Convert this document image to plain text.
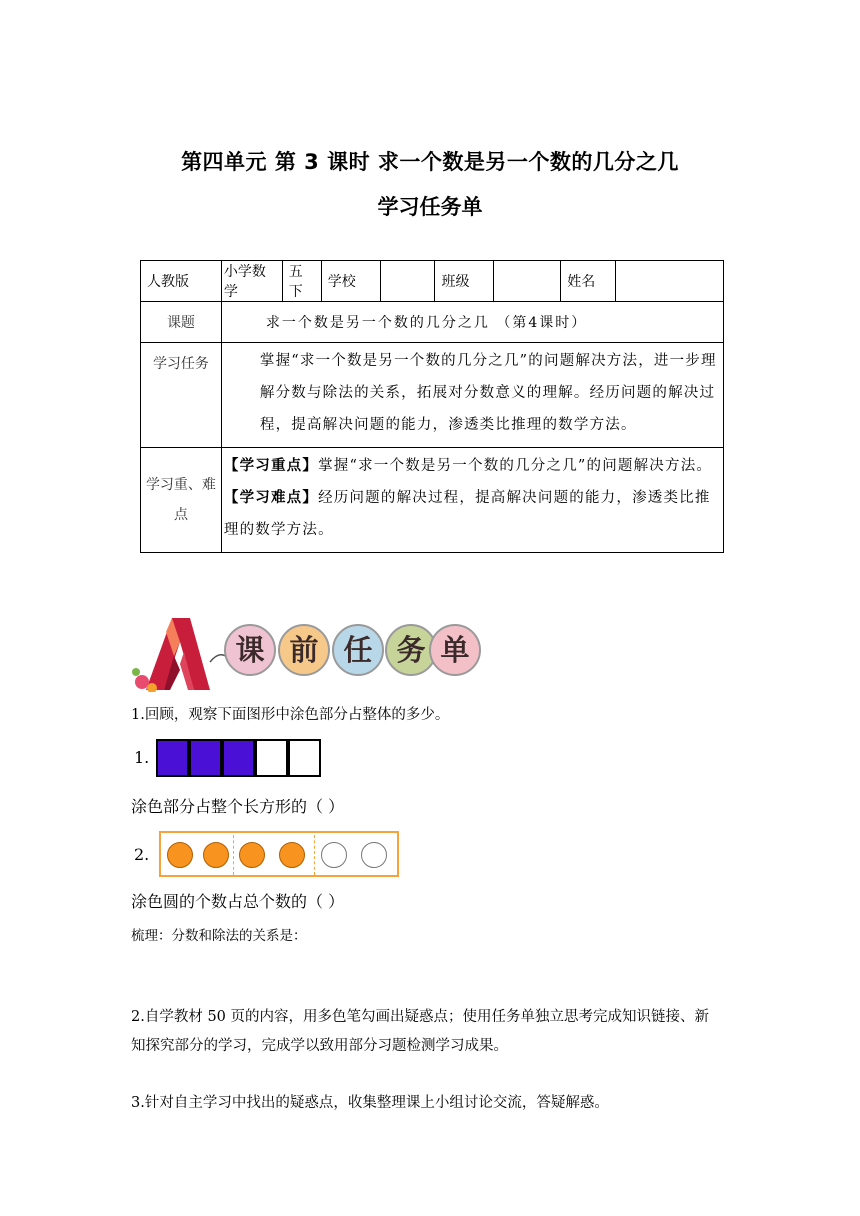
第四单元 第 3 课时 求一个数是另一个数的几分之几
学习任务单
人教版	小学数学	五下	学校		班级		姓名	
课题	求一个数是另一个数的几分之几 （第4课时）							
学习任务	掌握“求一个数是另一个数的几分之几”的问题解决方法，进一步理解分数与除法的关系，拓展对分数意义的理解。经历问题的解决过程，提高解决问题的能力，渗透类比推理的数学方法。							

学习重、难点	【学习重点】掌握“求一个数是另一个数的几分之几”的问题解决方法。
【学习难点】经历问题的解决过程，提高解决问题的能力，渗透类比推理的数学方法。							
A
课 前 任 务 单
1.回顾，观察下面图形中涂色部分占整体的多少。
1.
涂色部分占整个长方形的（ ）
2.
涂色圆的个数占总个数的（ ）
梳理：分数和除法的关系是：
2.自学教材 50 页的内容，用多色笔勾画出疑惑点；使用任务单独立思考完成知识链接、新
知探究部分的学习，完成学以致用部分习题检测学习成果。
3.针对自主学习中找出的疑惑点，收集整理课上小组讨论交流，答疑解惑。
